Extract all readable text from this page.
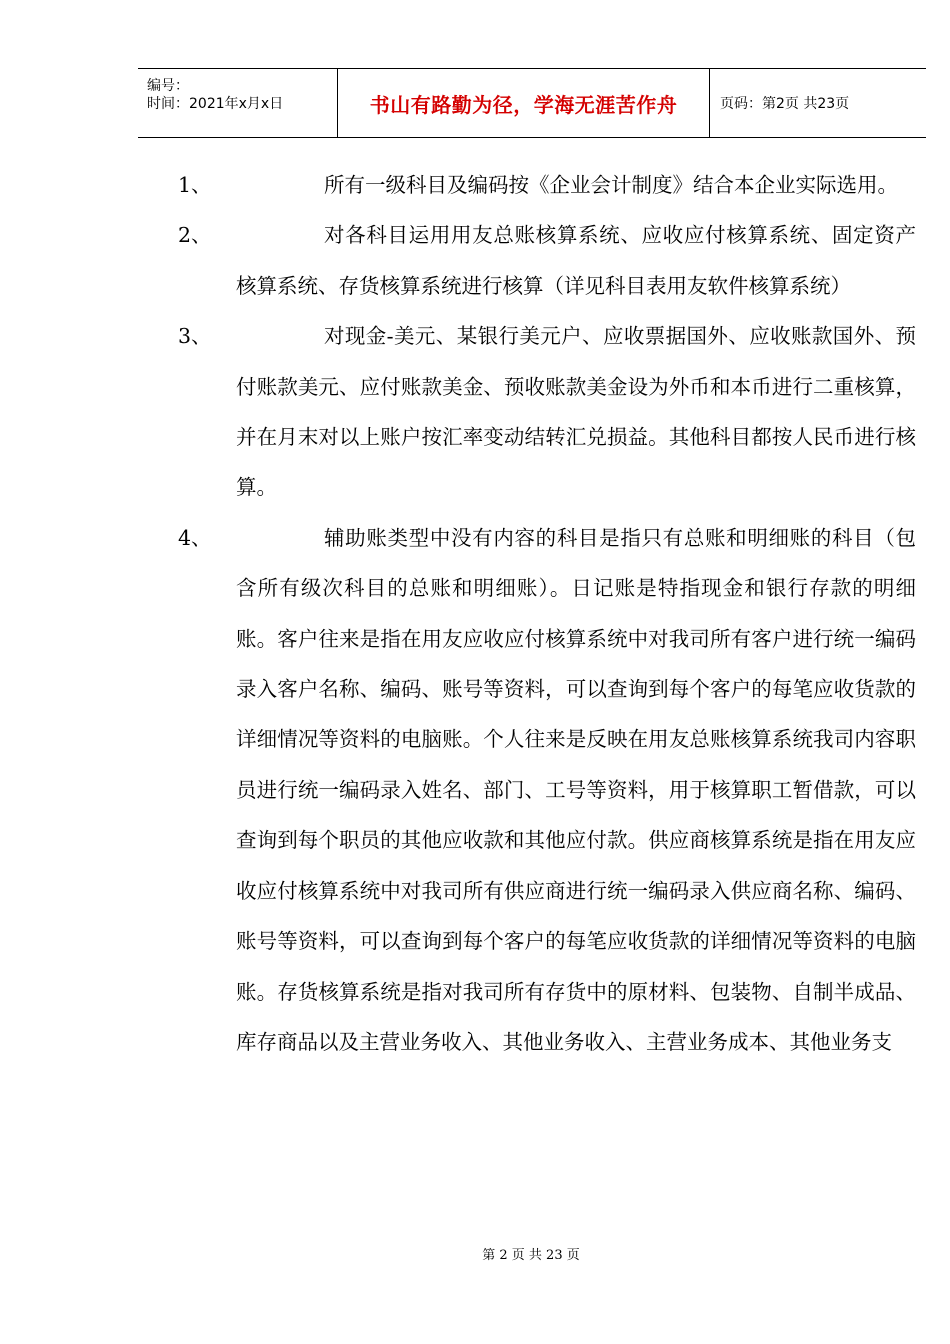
编号：
时间：2021年x月x日	书山有路勤为径，学海无涯苦作舟	页码：第2页 共23页
1、	所有一级科目及编码按《企业会计制度》结合本企业实际选用。
2、	对各科目运用用友总账核算系统、应收应付核算系统、固定资产核算系统、存货核算系统进行核算（详见科目表用友软件核算系统）
3、	对现金-美元、某银行美元户、应收票据国外、应收账款国外、预付账款美元、应付账款美金、预收账款美金设为外币和本币进行二重核算，并在月末对以上账户按汇率变动结转汇兑损益。其他科目都按人民币进行核算。
4、	辅助账类型中没有内容的科目是指只有总账和明细账的科目（包含所有级次科目的总账和明细账）。日记账是特指现金和银行存款的明细账。客户往来是指在用友应收应付核算系统中对我司所有客户进行统一编码录入客户名称、编码、账号等资料，可以查询到每个客户的每笔应收货款的详细情况等资料的电脑账。个人往来是反映在用友总账核算系统我司内容职员进行统一编码录入姓名、部门、工号等资料，用于核算职工暂借款，可以查询到每个职员的其他应收款和其他应付款。供应商核算系统是指在用友应收应付核算系统中对我司所有供应商进行统一编码录入供应商名称、编码、账号等资料，可以查询到每个客户的每笔应收货款的详细情况等资料的电脑账。存货核算系统是指对我司所有存货中的原材料、包装物、自制半成品、库存商品以及主营业务收入、其他业务收入、主营业务成本、其他业务支
第 2 页 共 23 页
